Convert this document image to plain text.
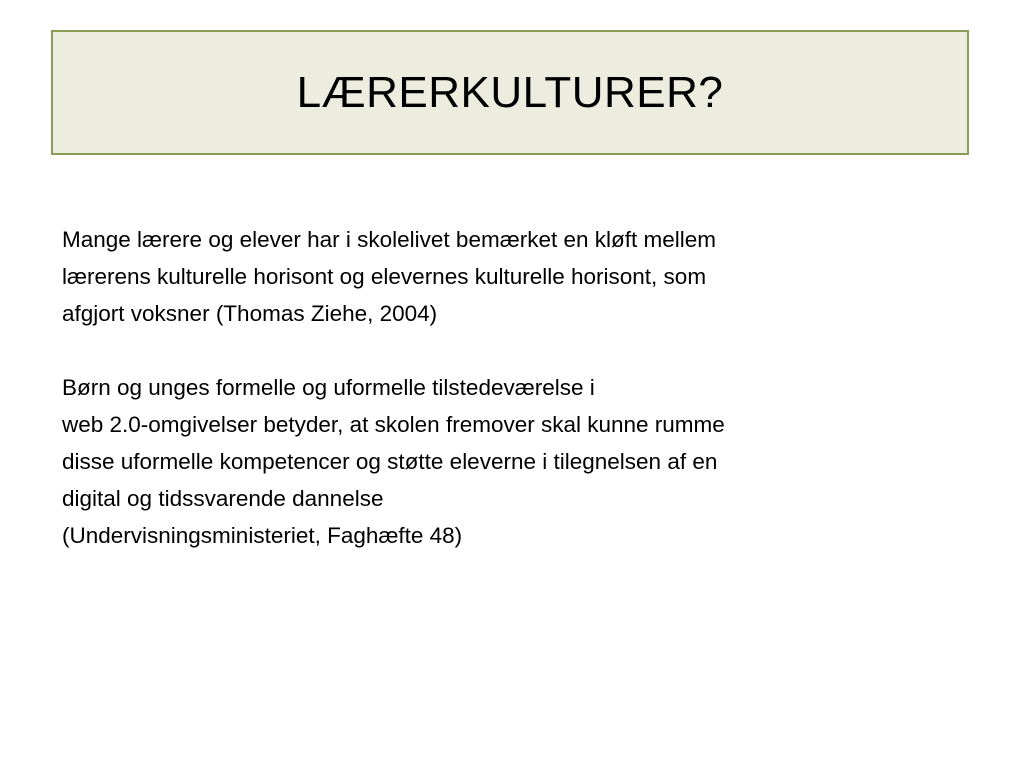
LÆRERKULTURER?

Mange lærere og elever har i skolelivet bemærket en kløft mellem
lærerens kulturelle horisont og elevernes kulturelle horisont, som
afgjort voksner (Thomas Ziehe, 2004)

Børn og unges formelle og uformelle tilstedeværelse i
web 2.0-omgivelser betyder, at skolen fremover skal kunne rumme
disse uformelle kompetencer og støtte eleverne i tilegnelsen af en
digital og tidssvarende dannelse
(Undervisningsministeriet, Faghæfte 48)
